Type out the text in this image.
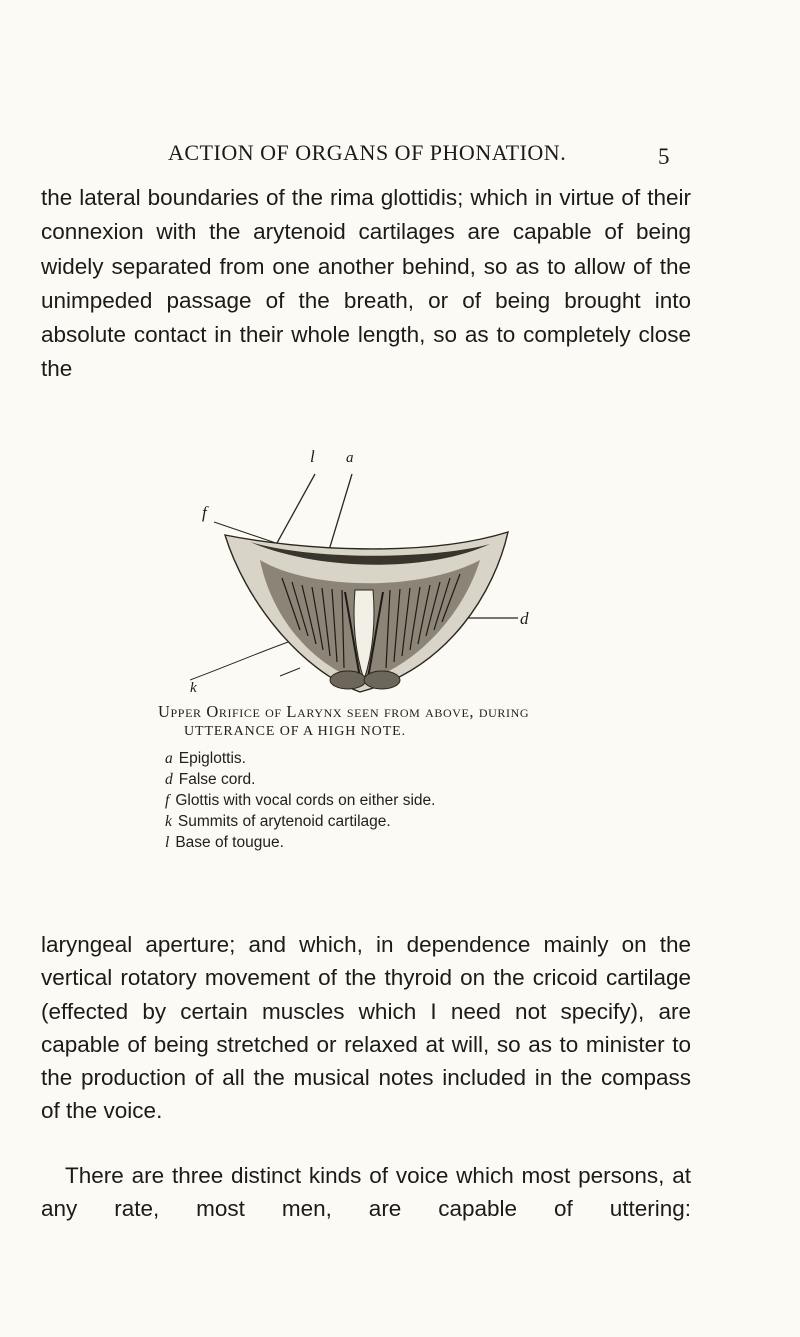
ACTION OF ORGANS OF PHONATION.	5

the lateral boundaries of the rima glottidis; which in virtue of their connexion with the arytenoid cartilages are capable of being widely separated from one another behind, so as to allow of the unimpeded passage of the breath, or of being brought into absolute contact in their whole length, so as to completely close the

l a
f
d
k
Upper Orifice of Larynx seen from above, during
UTTERANCE OF A HIGH NOTE.
a Epiglottis.
d False cord.
f Glottis with vocal cords on either side.
k Summits of arytenoid cartilage.
l Base of tougue.

laryngeal aperture; and which, in dependence mainly on the vertical rotatory movement of the thyroid on the cricoid cartilage (effected by certain muscles which I need not specify), are capable of being stretched or relaxed at will, so as to minister to the production of all the musical notes included in the compass of the voice.

There are three distinct kinds of voice which most persons, at any rate, most men, are capable of uttering:
